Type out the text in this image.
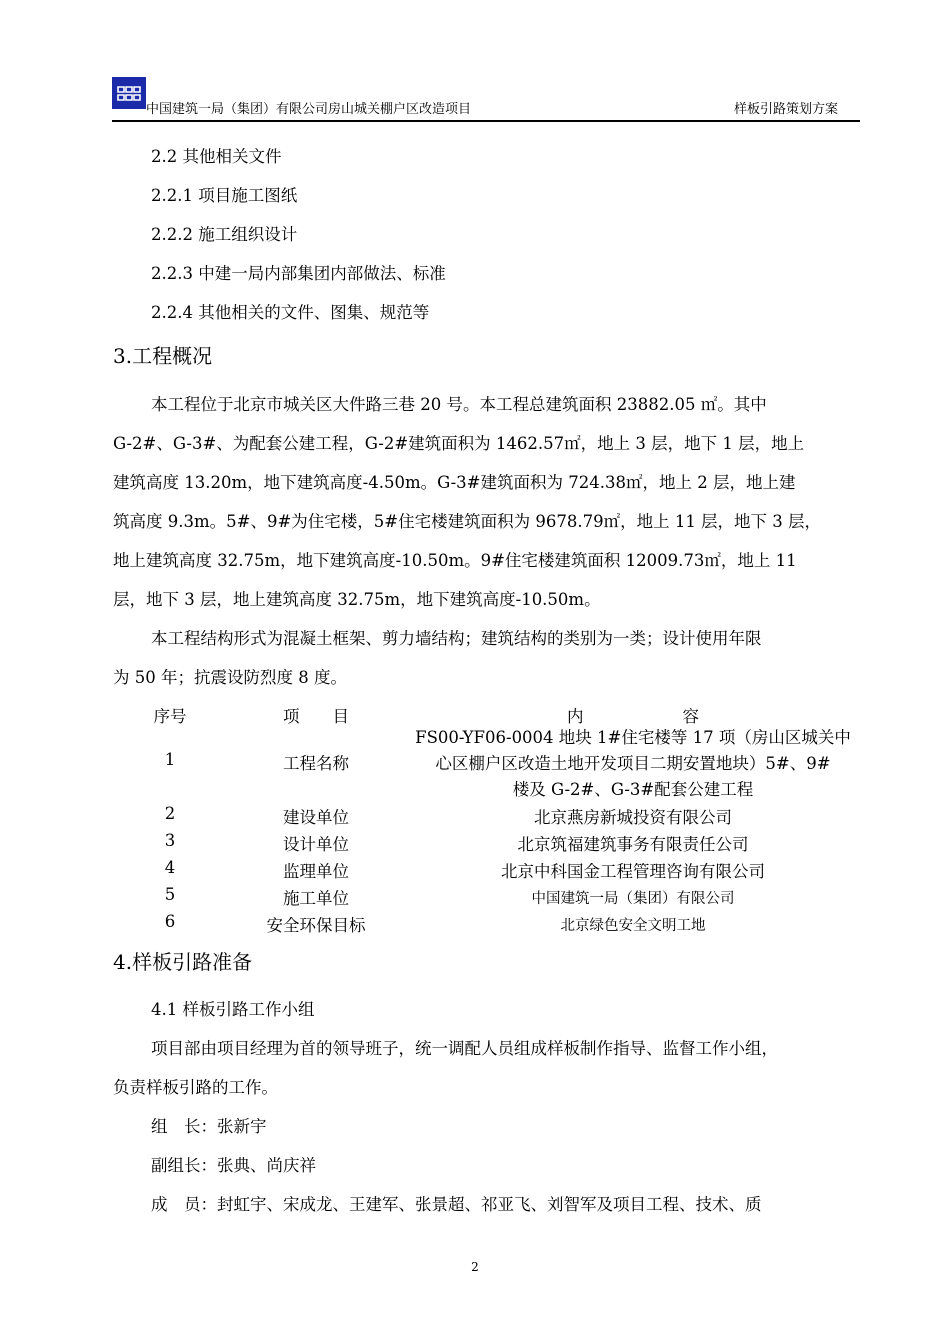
中国建筑一局（集团）有限公司房山城关棚户区改造项目	样板引路策划方案
2.2 其他相关文件
2.2.1 项目施工图纸
2.2.2 施工组织设计
2.2.3 中建一局内部集团内部做法、标准
2.2.4 其他相关的文件、图集、规范等
3.工程概况
本工程位于北京市城关区大件路三巷 20 号。本工程总建筑面积 23882.05 ㎡。其中
G-2#、G-3#、为配套公建工程，G-2#建筑面积为 1462.57㎡，地上 3 层，地下 1 层，地上
建筑高度 13.20m，地下建筑高度-4.50m。G-3#建筑面积为 724.38㎡，地上 2 层，地上建
筑高度 9.3m。5#、9#为住宅楼，5#住宅楼建筑面积为 9678.79㎡，地上 11 层，地下 3 层，
地上建筑高度 32.75m，地下建筑高度-10.50m。9#住宅楼建筑面积 12009.73㎡，地上 11
层，地下 3 层，地上建筑高度 32.75m，地下建筑高度-10.50m。
本工程结构形式为混凝土框架、剪力墙结构；建筑结构的类别为一类；设计使用年限
为 50 年；抗震设防烈度 8 度。
序号	项　　目	内　　　　　　容
1	工程名称
FS00-YF06-0004 地块 1#住宅楼等 17 项（房山区城关中
心区棚户区改造土地开发项目二期安置地块）5#、9#
楼及 G-2#、G-3#配套公建工程
2	建设单位	北京燕房新城投资有限公司
3	设计单位	北京筑福建筑事务有限责任公司
4	监理单位	北京中科国金工程管理咨询有限公司
5	施工单位	中国建筑一局（集团）有限公司
6	安全环保目标	北京绿色安全文明工地
4.样板引路准备
4.1 样板引路工作小组
项目部由项目经理为首的领导班子，统一调配人员组成样板制作指导、监督工作小组，
负责样板引路的工作。
组　长：张新宇
副组长：张典、尚庆祥
成　员：封虹宇、宋成龙、王建军、张景超、祁亚飞、刘智军及项目工程、技术、质
2
